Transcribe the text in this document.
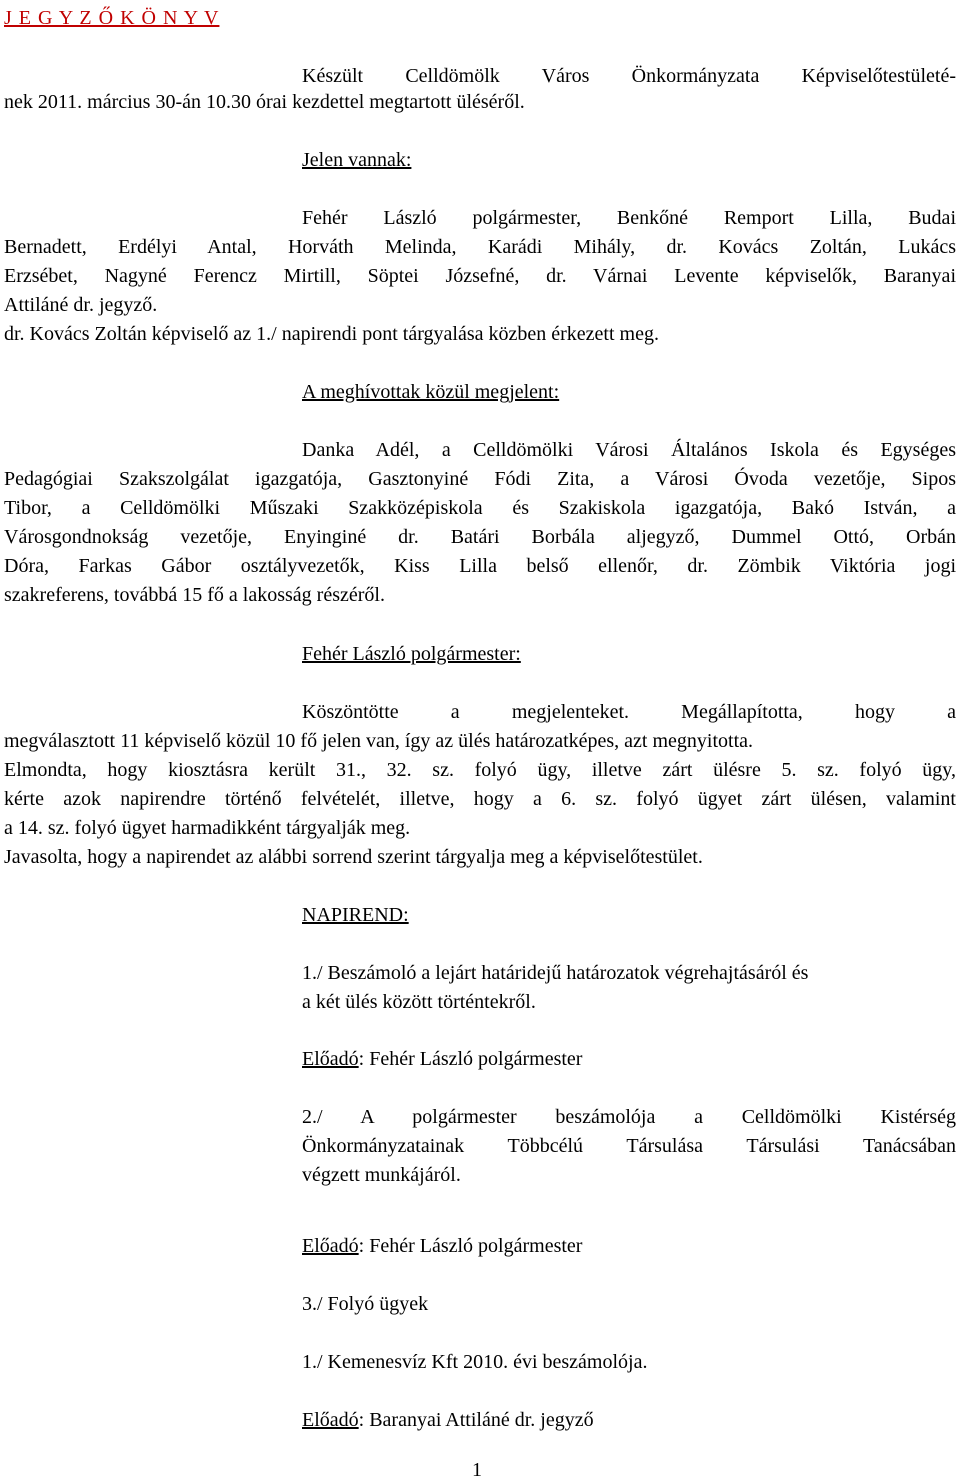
J E G Y Z Ő K Ö N Y V
Készült Celldömölk Város Önkormányzata Képviselőtestületé-
nek 2011. március 30-án 10.30 órai kezdettel megtartott üléséről.
Jelen vannak:
Fehér László polgármester, Benkőné Remport Lilla, Budai
Bernadett, Erdélyi Antal, Horváth Melinda, Karádi Mihály, dr. Kovács Zoltán, Lukács
Erzsébet, Nagyné Ferencz Mirtill, Söptei Józsefné, dr. Várnai Levente képviselők, Baranyai
Attiláné dr. jegyző.
dr. Kovács Zoltán képviselő az 1./ napirendi pont tárgyalása közben érkezett meg.
A meghívottak közül megjelent:
Danka Adél, a Celldömölki Városi Általános Iskola és Egységes
Pedagógiai Szakszolgálat igazgatója, Gasztonyiné Fódi Zita, a Városi Óvoda vezetője, Sipos
Tibor, a Celldömölki Műszaki Szakközépiskola és Szakiskola igazgatója, Bakó István, a
Városgondnokság vezetője, Enyinginé dr. Batári Borbála aljegyző, Dummel Ottó, Orbán
Dóra, Farkas Gábor osztályvezetők, Kiss Lilla belső ellenőr, dr. Zömbik Viktória jogi
szakreferens, továbbá 15 fő a lakosság részéről.
Fehér László polgármester:
Köszöntötte a megjelenteket. Megállapította, hogy a
megválasztott 11 képviselő közül 10 fő jelen van, így az ülés határozatképes, azt megnyitotta.
Elmondta, hogy kiosztásra került 31., 32. sz. folyó ügy, illetve zárt ülésre 5. sz. folyó ügy,
kérte azok napirendre történő felvételét, illetve, hogy a 6. sz. folyó ügyet zárt ülésen, valamint
a 14. sz. folyó ügyet harmadikként tárgyalják meg.
Javasolta, hogy a napirendet az alábbi sorrend szerint tárgyalja meg a képviselőtestület.
NAPIREND:
1./ Beszámoló a lejárt határidejű határozatok végrehajtásáról és
a két ülés között történtekről.
Előadó: Fehér László polgármester
2./ A polgármester beszámolója a Celldömölki Kistérség
Önkormányzatainak Többcélú Társulása Társulási Tanácsában
végzett munkájáról.
Előadó: Fehér László polgármester
3./ Folyó ügyek
1./ Kemenesvíz Kft 2010. évi beszámolója.
Előadó: Baranyai Attiláné dr. jegyző
1
